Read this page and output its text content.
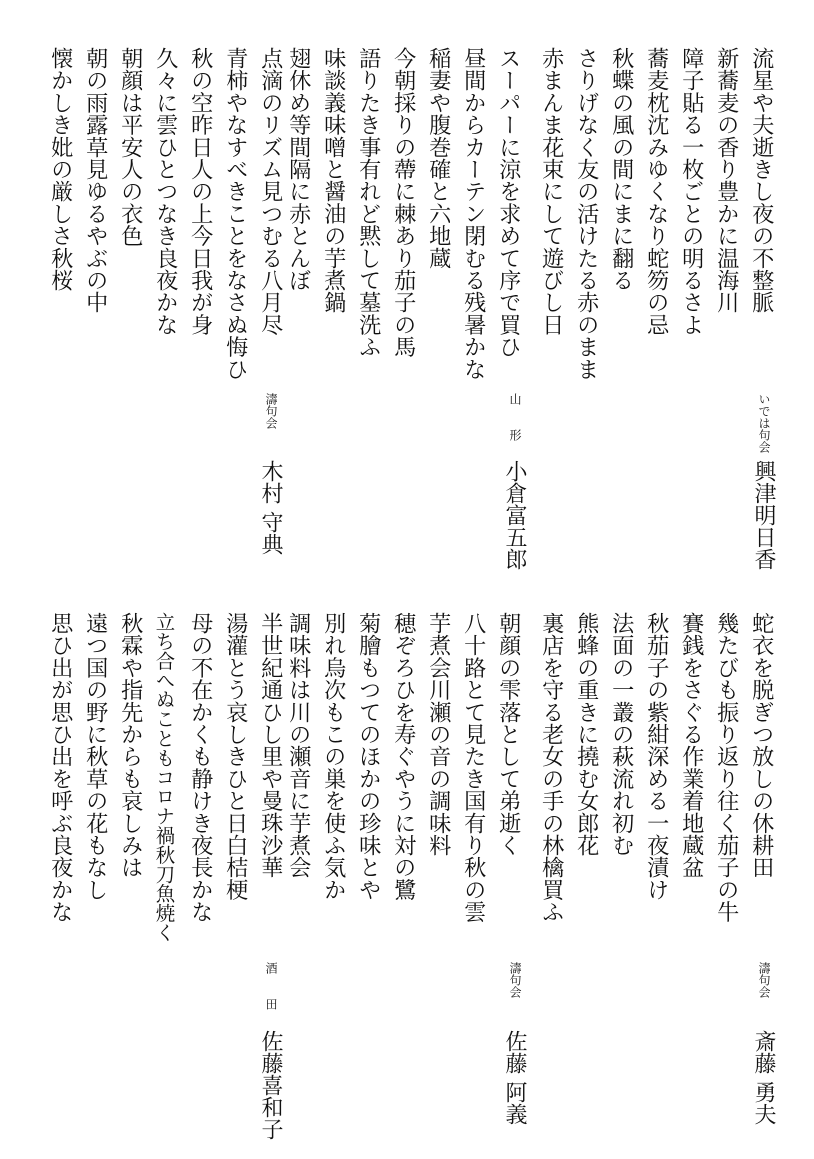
流星や夫逝きし夜の不整脈
新蕎麦の香り豊かに温海川
障子貼る一枚ごとの明るさよ
蕎麦枕沈みゆくなり蛇笏の忌
秋蝶の風の間にまに翻る
さりげなく友の活けたる赤のまま
赤まんま花束にして遊びし日
いでは句会
興津明日香
スーパーに涼を求めて序で買ひ
昼間からカーテン閉むる残暑かな
稲妻や腹巻確と六地蔵
今朝採りの蔕に棘あり茄子の馬
語りたき事有れど黙して墓洗ふ
味談義味噌と醤油の芋煮鍋
翅休め等間隔に赤とんぼ
山 形
小倉富五郎
点滴のリズム見つむる八月尽
青柿やなすべきことをなさぬ悔ひ
秋の空昨日人の上今日我が身
久々に雲ひとつなき良夜かな
朝顔は平安人の衣色
朝の雨露草見ゆるやぶの中
懐かしき妣の厳しさ秋桜
濤句会
木村 守典
蛇衣を脱ぎつ放しの休耕田
幾たびも振り返り往く茄子の牛
賽銭をさぐる作業着地蔵盆
秋茄子の紫紺深める一夜漬け
法面の一叢の萩流れ初む
熊蜂の重きに撓む女郎花
裏店を守る老女の手の林檎買ふ
濤句会
斎藤 勇夫
朝顔の雫落として弟逝く
八十路とて見たき国有り秋の雲
芋煮会川瀬の音の調味料
穂ぞろひを寿ぐやうに対の鷺
菊膾もつてのほかの珍味とや
別れ烏次もこの巣を使ふ気か
調味料は川の瀬音に芋煮会
濤句会
佐藤 阿義
半世紀通ひし里や曼珠沙華
湯灌とう哀しきひと日白桔梗
母の不在かくも静けき夜長かな
立ち合へぬこともコロナ禍秋刀魚焼く
秋霖や指先からも哀しみは
遠つ国の野に秋草の花もなし
思ひ出が思ひ出を呼ぶ良夜かな
酒 田
佐藤喜和子
